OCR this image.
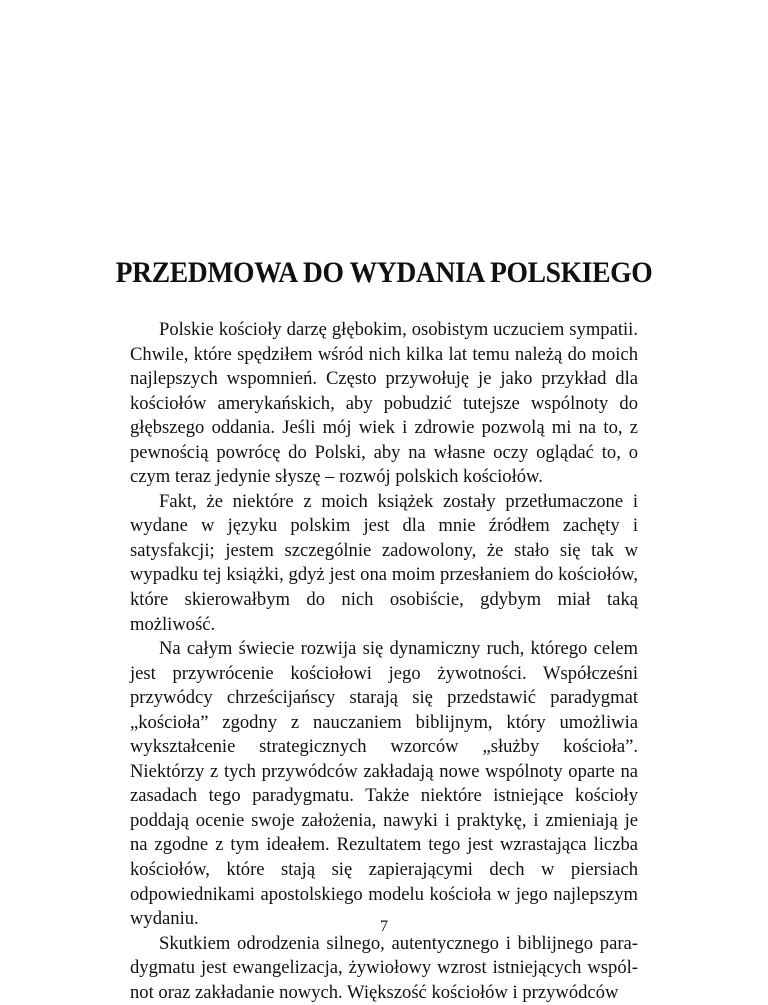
PRZEDMOWA DO WYDANIA POLSKIEGO

Polskie kościoły darzę głębokim, osobistym uczuciem sympatii. Chwile, które spędziłem wśród nich kilka lat temu należą do moich najlepszych wspomnień. Często przywołuję je jako przykład dla kościołów amerykańskich, aby pobudzić tutejsze wspólnoty do głębszego oddania. Jeśli mój wiek i zdrowie pozwolą mi na to, z pewnością powrócę do Polski, aby na własne oczy oglądać to, o czym teraz jedynie słyszę – rozwój polskich kościołów.

Fakt, że niektóre z moich książek zostały przetłumaczone i wydane w języku polskim jest dla mnie źródłem zachęty i satysfakcji; jestem szczególnie zadowolony, że stało się tak w wypadku tej książki, gdyż jest ona moim przesłaniem do kościołów, które skierowałbym do nich osobiście, gdybym miał taką możliwość.

Na całym świecie rozwija się dynamiczny ruch, którego celem jest przywrócenie kościołowi jego żywotności. Współcześni przywódcy chrześcijańscy starają się przedstawić paradygmat „kościoła” zgodny z nauczaniem biblijnym, który umożliwia wykształcenie strategicznych wzorców „służby kościoła”. Niektórzy z tych przywódców zakładają nowe wspólnoty oparte na zasadach tego paradygmatu. Także niektóre istniejące kościoły poddają ocenie swoje założenia, nawyki i praktykę, i zmieniają je na zgodne z tym ideałem. Rezultatem tego jest wzrastająca liczba kościołów, które stają się zapierającymi dech w piersiach odpowiednikami apostolskiego modelu kościoła w jego najlepszym wydaniu.

Skutkiem odrodzenia silnego, autentycznego i biblijnego paradygmatu jest ewangelizacja, żywiołowy wzrost istniejących wspólnot oraz zakładanie nowych. Większość kościołów i przywódców

7
